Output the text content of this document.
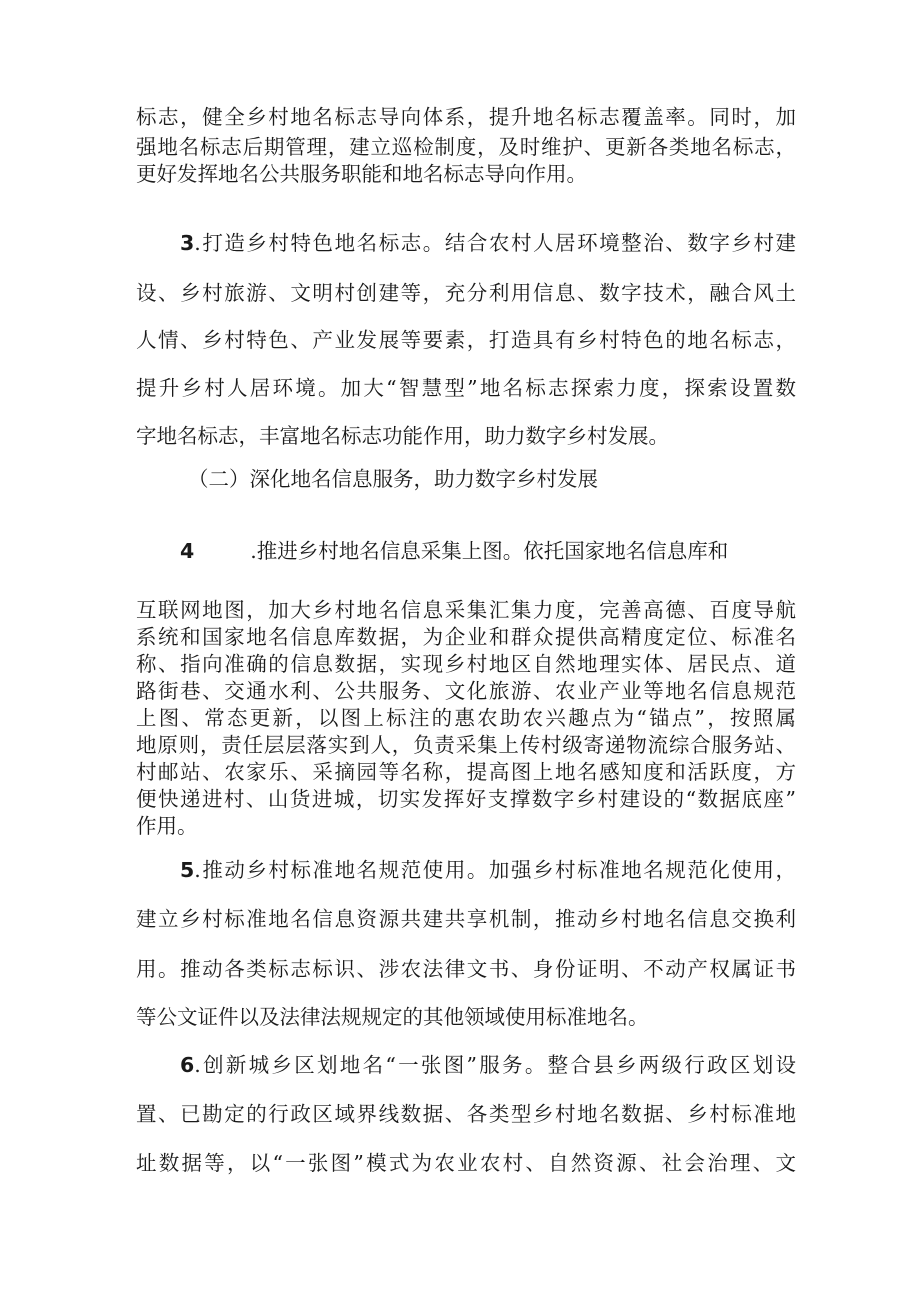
标志，健全乡村地名标志导向体系，提升地名标志覆盖率。同时，加
强地名标志后期管理，建立巡检制度，及时维护、更新各类地名标志，
更好发挥地名公共服务职能和地名标志导向作用。
3.打造乡村特色地名标志。结合农村人居环境整治、数字乡村建
设、乡村旅游、文明村创建等，充分利用信息、数字技术，融合风土
人情、乡村特色、产业发展等要素，打造具有乡村特色的地名标志，
提升乡村人居环境。加大“智慧型”地名标志探索力度，探索设置数
字地名标志，丰富地名标志功能作用，助力数字乡村发展。
（二）深化地名信息服务，助力数字乡村发展
4	.推进乡村地名信息采集上图。依托国家地名信息库和
互联网地图，加大乡村地名信息采集汇集力度，完善高德、百度导航
系统和国家地名信息库数据，为企业和群众提供高精度定位、标准名
称、指向准确的信息数据，实现乡村地区自然地理实体、居民点、道
路街巷、交通水利、公共服务、文化旅游、农业产业等地名信息规范
上图、常态更新，以图上标注的惠农助农兴趣点为“锚点”，按照属
地原则，责任层层落实到人，负责采集上传村级寄递物流综合服务站、
村邮站、农家乐、采摘园等名称，提高图上地名感知度和活跃度，方
便快递进村、山货进城，切实发挥好支撑数字乡村建设的“数据底座”
作用。
5.推动乡村标准地名规范使用。加强乡村标准地名规范化使用，
建立乡村标准地名信息资源共建共享机制，推动乡村地名信息交换利
用。推动各类标志标识、涉农法律文书、身份证明、不动产权属证书
等公文证件以及法律法规规定的其他领域使用标准地名。
6.创新城乡区划地名“一张图”服务。整合县乡两级行政区划设
置、已勘定的行政区域界线数据、各类型乡村地名数据、乡村标准地
址数据等，以“一张图”模式为农业农村、自然资源、社会治理、文
